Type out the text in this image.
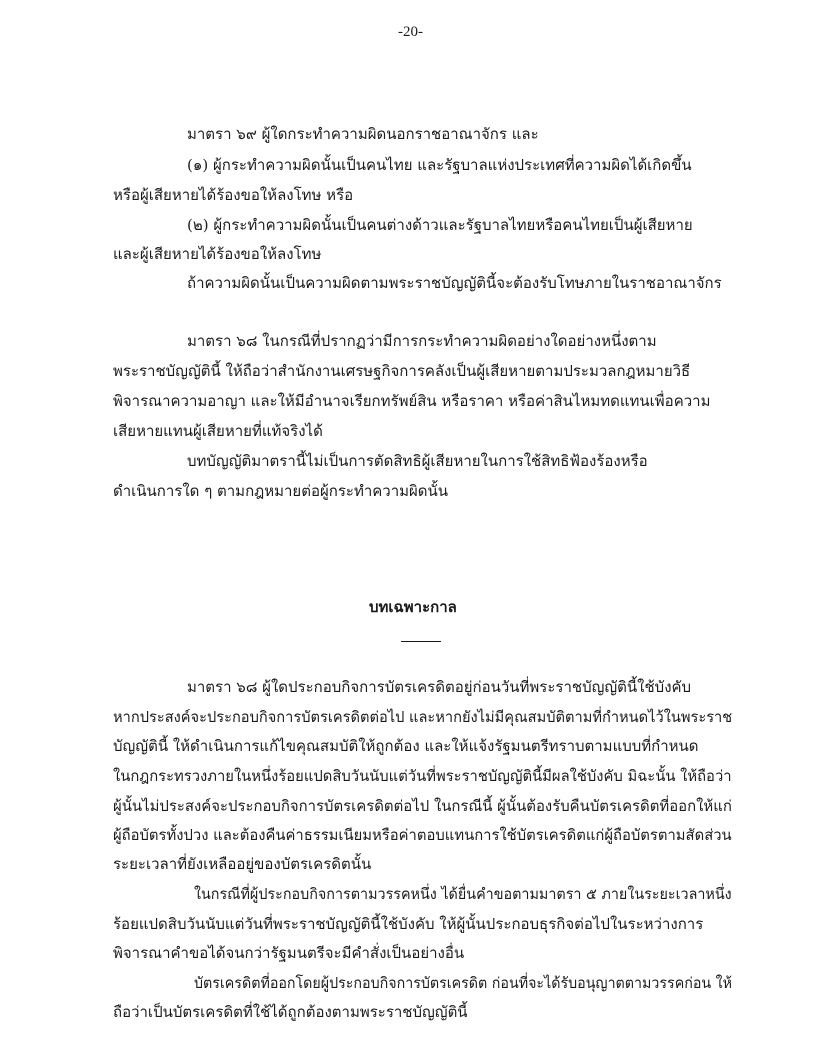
-20-
มาตรา ๖๙ ผู้ใดกระทำความผิดนอกราชอาณาจักร และ
(๑) ผู้กระทำความผิดนั้นเป็นคนไทย และรัฐบาลแห่งประเทศที่ความผิดได้เกิดขึ้น
หรือผู้เสียหายได้ร้องขอให้ลงโทษ หรือ
(๒) ผู้กระทำความผิดนั้นเป็นคนต่างด้าวและรัฐบาลไทยหรือคนไทยเป็นผู้เสียหาย
และผู้เสียหายได้ร้องขอให้ลงโทษ
ถ้าความผิดนั้นเป็นความผิดตามพระราชบัญญัตินี้จะต้องรับโทษภายในราชอาณาจักร
มาตรา ๖๘ ในกรณีที่ปรากฏว่ามีการกระทำความผิดอย่างใดอย่างหนึ่งตาม
พระราชบัญญัตินี้ ให้ถือว่าสำนักงานเศรษฐกิจการคลังเป็นผู้เสียหายตามประมวลกฎหมายวิธี
พิจารณาความอาญา และให้มีอำนาจเรียกทรัพย์สิน หรือราคา หรือค่าสินไหมทดแทนเพื่อความ
เสียหายแทนผู้เสียหายที่แท้จริงได้
บทบัญญัติมาตรานี้ไม่เป็นการตัดสิทธิผู้เสียหายในการใช้สิทธิฟ้องร้องหรือ
ดำเนินการใด ๆ ตามกฎหมายต่อผู้กระทำความผิดนั้น
บทเฉพาะกาล
มาตรา ๖๘ ผู้ใดประกอบกิจการบัตรเครดิตอยู่ก่อนวันที่พระราชบัญญัตินี้ใช้บังคับ
หากประสงค์จะประกอบกิจการบัตรเครดิตต่อไป และหากยังไม่มีคุณสมบัติตามที่กำหนดไว้ในพระราช
บัญญัตินี้ ให้ดำเนินการแก้ไขคุณสมบัติให้ถูกต้อง และให้แจ้งรัฐมนตรีทราบตามแบบที่กำหนด
ในกฎกระทรวงภายในหนึ่งร้อยแปดสิบวันนับแต่วันที่พระราชบัญญัตินี้มีผลใช้บังคับ มิฉะนั้น ให้ถือว่า
ผู้นั้นไม่ประสงค์จะประกอบกิจการบัตรเครดิตต่อไป ในกรณีนี้ ผู้นั้นต้องรับคืนบัตรเครดิตที่ออกให้แก่
ผู้ถือบัตรทั้งปวง และต้องคืนค่าธรรมเนียมหรือค่าตอบแทนการใช้บัตรเครดิตแก่ผู้ถือบัตรตามสัดส่วน
ระยะเวลาที่ยังเหลืออยู่ของบัตรเครดิตนั้น
ในกรณีที่ผู้ประกอบกิจการตามวรรคหนึ่ง ได้ยื่นคำขอตามมาตรา ๕ ภายในระยะเวลาหนึ่ง
ร้อยแปดสิบวันนับแต่วันที่พระราชบัญญัตินี้ใช้บังคับ ให้ผู้นั้นประกอบธุรกิจต่อไปในระหว่างการ
พิจารณาคำขอได้จนกว่ารัฐมนตรีจะมีคำสั่งเป็นอย่างอื่น
บัตรเครดิตที่ออกโดยผู้ประกอบกิจการบัตรเครดิต ก่อนที่จะได้รับอนุญาตตามวรรคก่อน ให้
ถือว่าเป็นบัตรเครดิตที่ใช้ได้ถูกต้องตามพระราชบัญญัตินี้
